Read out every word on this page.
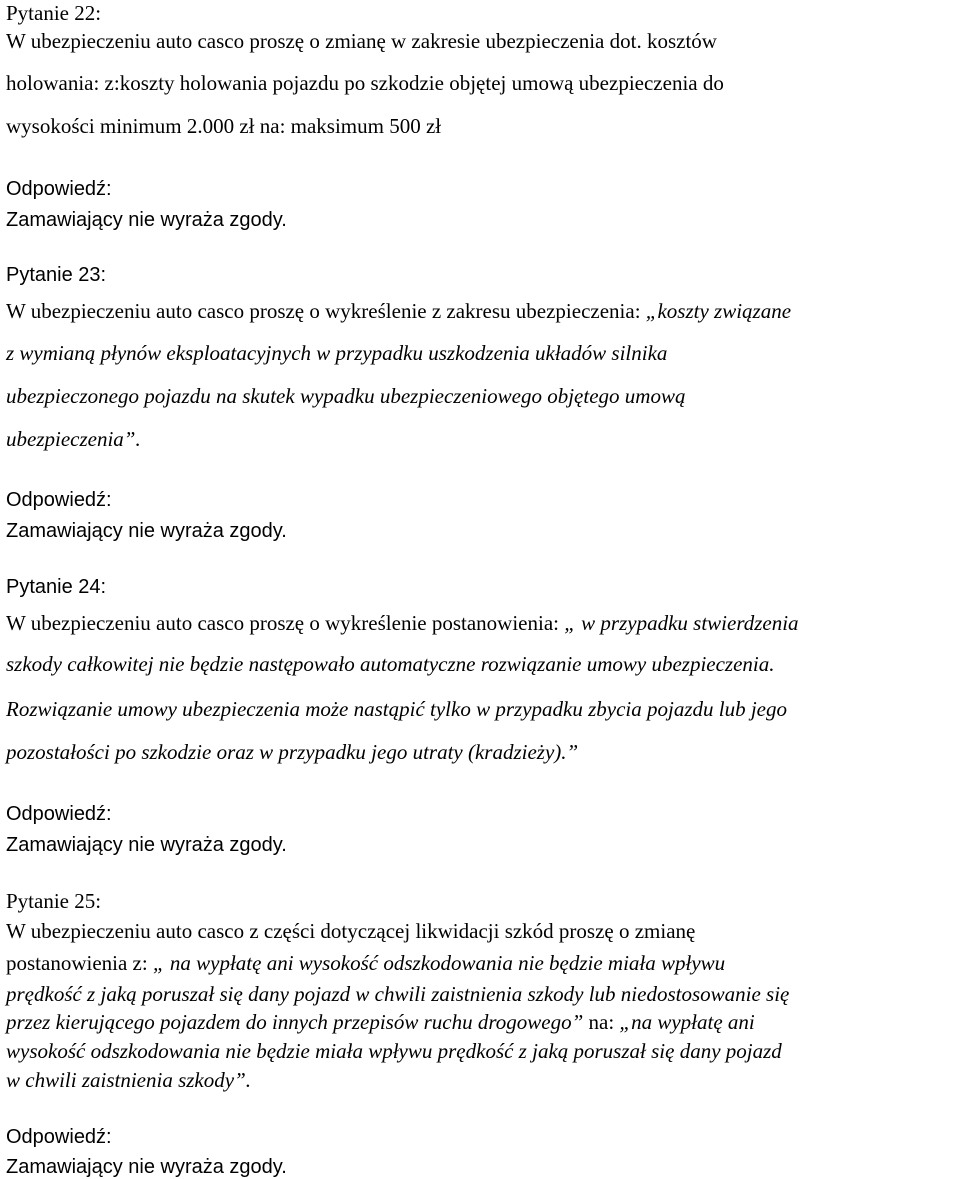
Pytanie 22:
W ubezpieczeniu auto casco proszę o zmianę w zakresie ubezpieczenia dot. kosztów
holowania: z:koszty holowania pojazdu po szkodzie objętej umową ubezpieczenia do
wysokości minimum 2.000 zł na: maksimum 500 zł
Odpowiedź:
Zamawiający nie wyraża zgody.
Pytanie 23:
W ubezpieczeniu auto casco proszę o wykreślenie z zakresu ubezpieczenia: „koszty związane
z wymianą płynów eksploatacyjnych w przypadku uszkodzenia układów silnika
ubezpieczonego pojazdu na skutek wypadku ubezpieczeniowego objętego umową
ubezpieczenia”.
Odpowiedź:
Zamawiający nie wyraża zgody.
Pytanie 24:
W ubezpieczeniu auto casco proszę o wykreślenie postanowienia: „ w przypadku stwierdzenia
szkody całkowitej nie będzie następowało automatyczne rozwiązanie umowy ubezpieczenia.
Rozwiązanie umowy ubezpieczenia może nastąpić tylko w przypadku zbycia pojazdu lub jego
pozostałości po szkodzie oraz w przypadku jego utraty (kradzieży).”
Odpowiedź:
Zamawiający nie wyraża zgody.
Pytanie 25:
W ubezpieczeniu auto casco z części dotyczącej likwidacji szkód proszę o zmianę
postanowienia z: „ na wypłatę ani wysokość odszkodowania nie będzie miała wpływu
prędkość z jaką poruszał się dany pojazd w chwili zaistnienia szkody lub niedostosowanie się
przez kierującego pojazdem do innych przepisów ruchu drogowego” na: „na wypłatę ani
wysokość odszkodowania nie będzie miała wpływu prędkość z jaką poruszał się dany pojazd
w chwili zaistnienia szkody”.
Odpowiedź:
Zamawiający nie wyraża zgody.
